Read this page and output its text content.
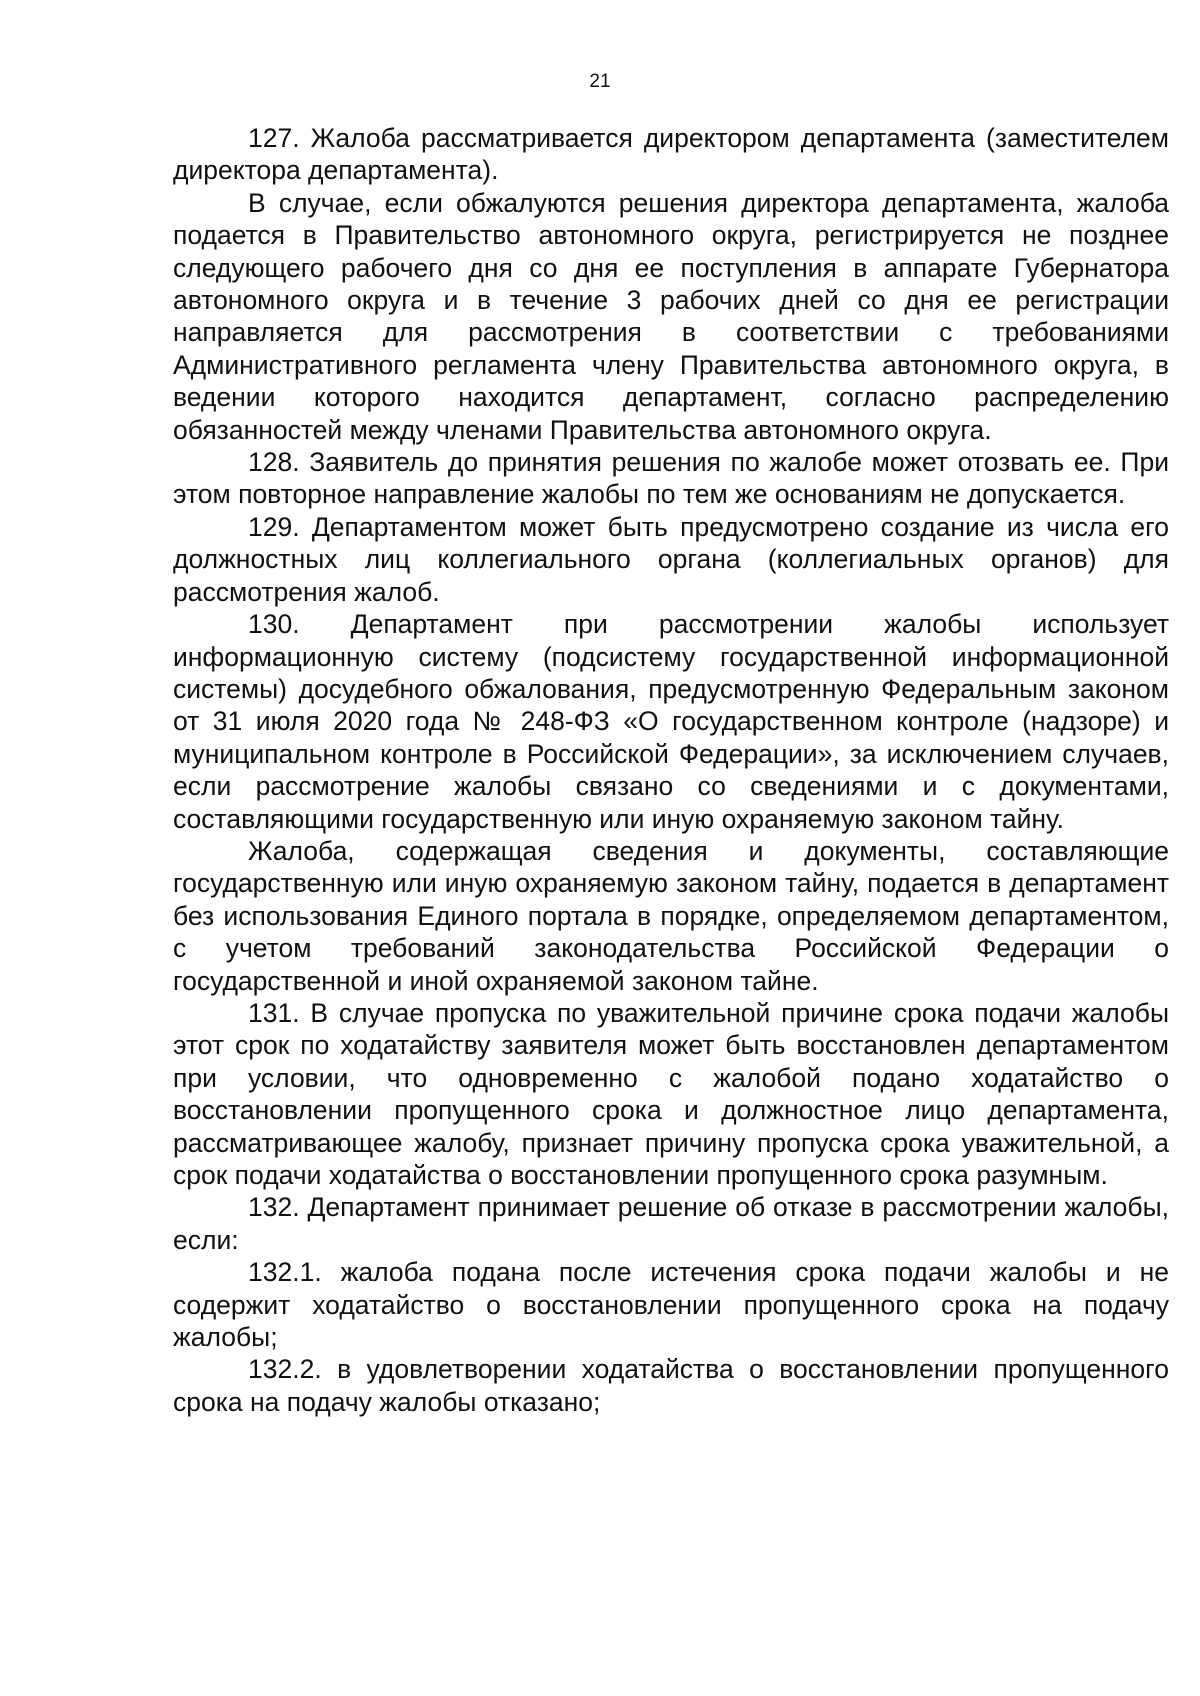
21

127. Жалоба рассматривается директором департамента (заместителем директора департамента).

В случае, если обжалуются решения директора департамента, жалоба подается в Правительство автономного округа, регистрируется не позднее следующего рабочего дня со дня ее поступления в аппарате Губернатора автономного округа и в течение 3 рабочих дней со дня ее регистрации направляется для рассмотрения в соответствии с требованиями Административного регламента члену Правительства автономного округа, в ведении которого находится департамент, согласно распределению обязанностей между членами Правительства автономного округа.

128. Заявитель до принятия решения по жалобе может отозвать ее. При этом повторное направление жалобы по тем же основаниям не допускается.

129. Департаментом может быть предусмотрено создание из числа его должностных лиц коллегиального органа (коллегиальных органов) для рассмотрения жалоб.

130. Департамент при рассмотрении жалобы использует информационную систему (подсистему государственной информационной системы) досудебного обжалования, предусмотренную Федеральным законом от 31 июля 2020 года № 248-ФЗ «О государственном контроле (надзоре) и муниципальном контроле в Российской Федерации», за исключением случаев, если рассмотрение жалобы связано со сведениями и с документами, составляющими государственную или иную охраняемую законом тайну.

Жалоба, содержащая сведения и документы, составляющие государственную или иную охраняемую законом тайну, подается в департамент без использования Единого портала в порядке, определяемом департаментом, с учетом требований законодательства Российской Федерации о государственной и иной охраняемой законом тайне.

131. В случае пропуска по уважительной причине срока подачи жалобы этот срок по ходатайству заявителя может быть восстановлен департаментом при условии, что одновременно с жалобой подано ходатайство о восстановлении пропущенного срока и должностное лицо департамента, рассматривающее жалобу, признает причину пропуска срока уважительной, а срок подачи ходатайства о восстановлении пропущенного срока разумным.

132. Департамент принимает решение об отказе в рассмотрении жалобы, если:

132.1. жалоба подана после истечения срока подачи жалобы и не содержит ходатайство о восстановлении пропущенного срока на подачу жалобы;

132.2. в удовлетворении ходатайства о восстановлении пропущенного срока на подачу жалобы отказано;
